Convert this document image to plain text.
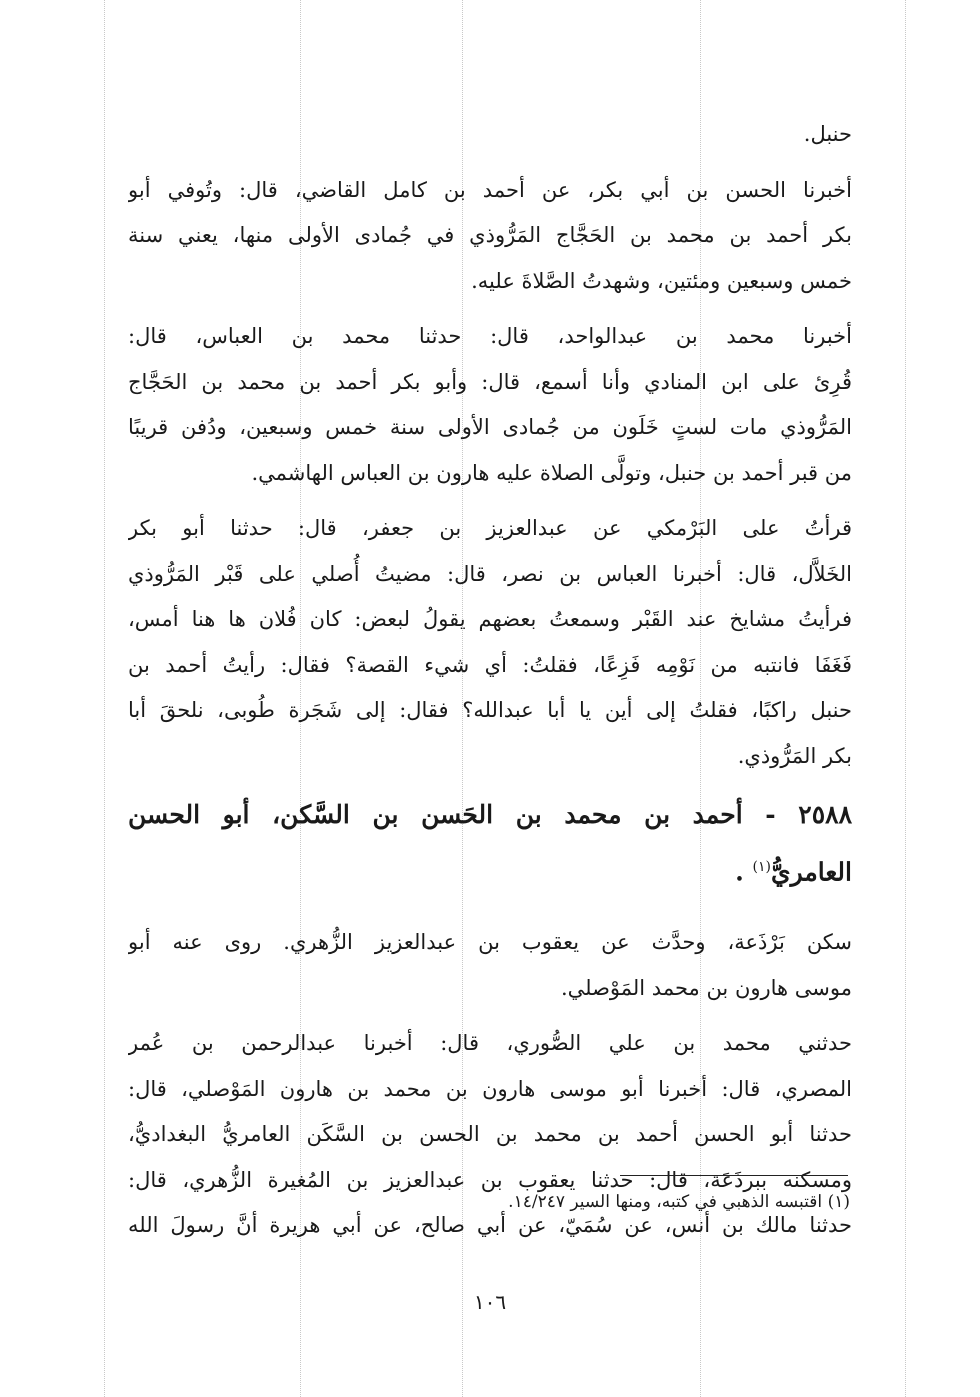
حنبل.
أخبرنا الحسن بن أبي بكر، عن أحمد بن كامل القاضي، قال: وتُوفي أبو
بكر أحمد بن محمد بن الحَجَّاج المَرُّوذي في جُمادى الأولى منها، يعني سنة
خمس وسبعين ومئتين، وشهدتُ الصَّلاةَ عليه.
أخبرنا محمد بن عبدالواحد، قال: حدثنا محمد بن العباس، قال:
قُرِئ على ابن المنادي وأنا أسمع، قال: وأبو بكر أحمد بن محمد بن الحَجَّاج
المَرُّوذي مات لستٍ خَلَون من جُمادى الأولى سنة خمس وسبعين، ودُفن قريبًا
من قبر أحمد بن حنبل، وتولَّى الصلاة عليه هارون بن العباس الهاشمي.
قرأتُ على البَرْمكي عن عبدالعزيز بن جعفر، قال: حدثنا أبو بكر
الخَلاَّل، قال: أخبرنا العباس بن نصر، قال: مضيتُ أُصلي على قَبْر المَرُّوذي
فرأيتُ مشايخ عند القَبْر وسمعتُ بعضهم يقولُ لبعض: كان فُلان ها هنا أمس،
فَغَفَا فانتبه من نَوْمِه فَزِعًا، فقلتُ: أي شيء القصة؟ فقال: رأيتُ أحمد بن
حنبل راكبًا، فقلتُ إلى أين يا أبا عبدالله؟ فقال: إلى شَجَرة طُوبى، نلحقَ أبا
بكر المَرُّوذي.
٢٥٨٨ - أحمد بن محمد بن الحَسن بن السَّكن، أبو الحسن
العامريُّ$^{(١)}$ .
سكن بَرْذَعة، وحدَّث عن يعقوب بن عبدالعزيز الزُّهري. روى عنه أبو
موسى هارون بن محمد المَوْصلي.
حدثني محمد بن علي الصُّوري، قال: أخبرنا عبدالرحمن بن عُمر
المصري، قال: أخبرنا أبو موسى هارون بن محمد بن هارون المَوْصلي، قال:
حدثنا أبو الحسن أحمد بن محمد بن الحسن بن السَّكَن العامريُّ البغداديُّ،
ومسكنه ببرذَعَة، قال: حدثنا يعقوب بن عبدالعزيز بن المُغيرة الزُّهري، قال:
حدثنا مالك بن أنس، عن سُمَيّ، عن أبي صالح، عن أبي هريرة أنَّ رسولَ الله
(١) اقتبسه الذهبي في كتبه، ومنها السير ١٤/٢٤٧.
١٠٦
